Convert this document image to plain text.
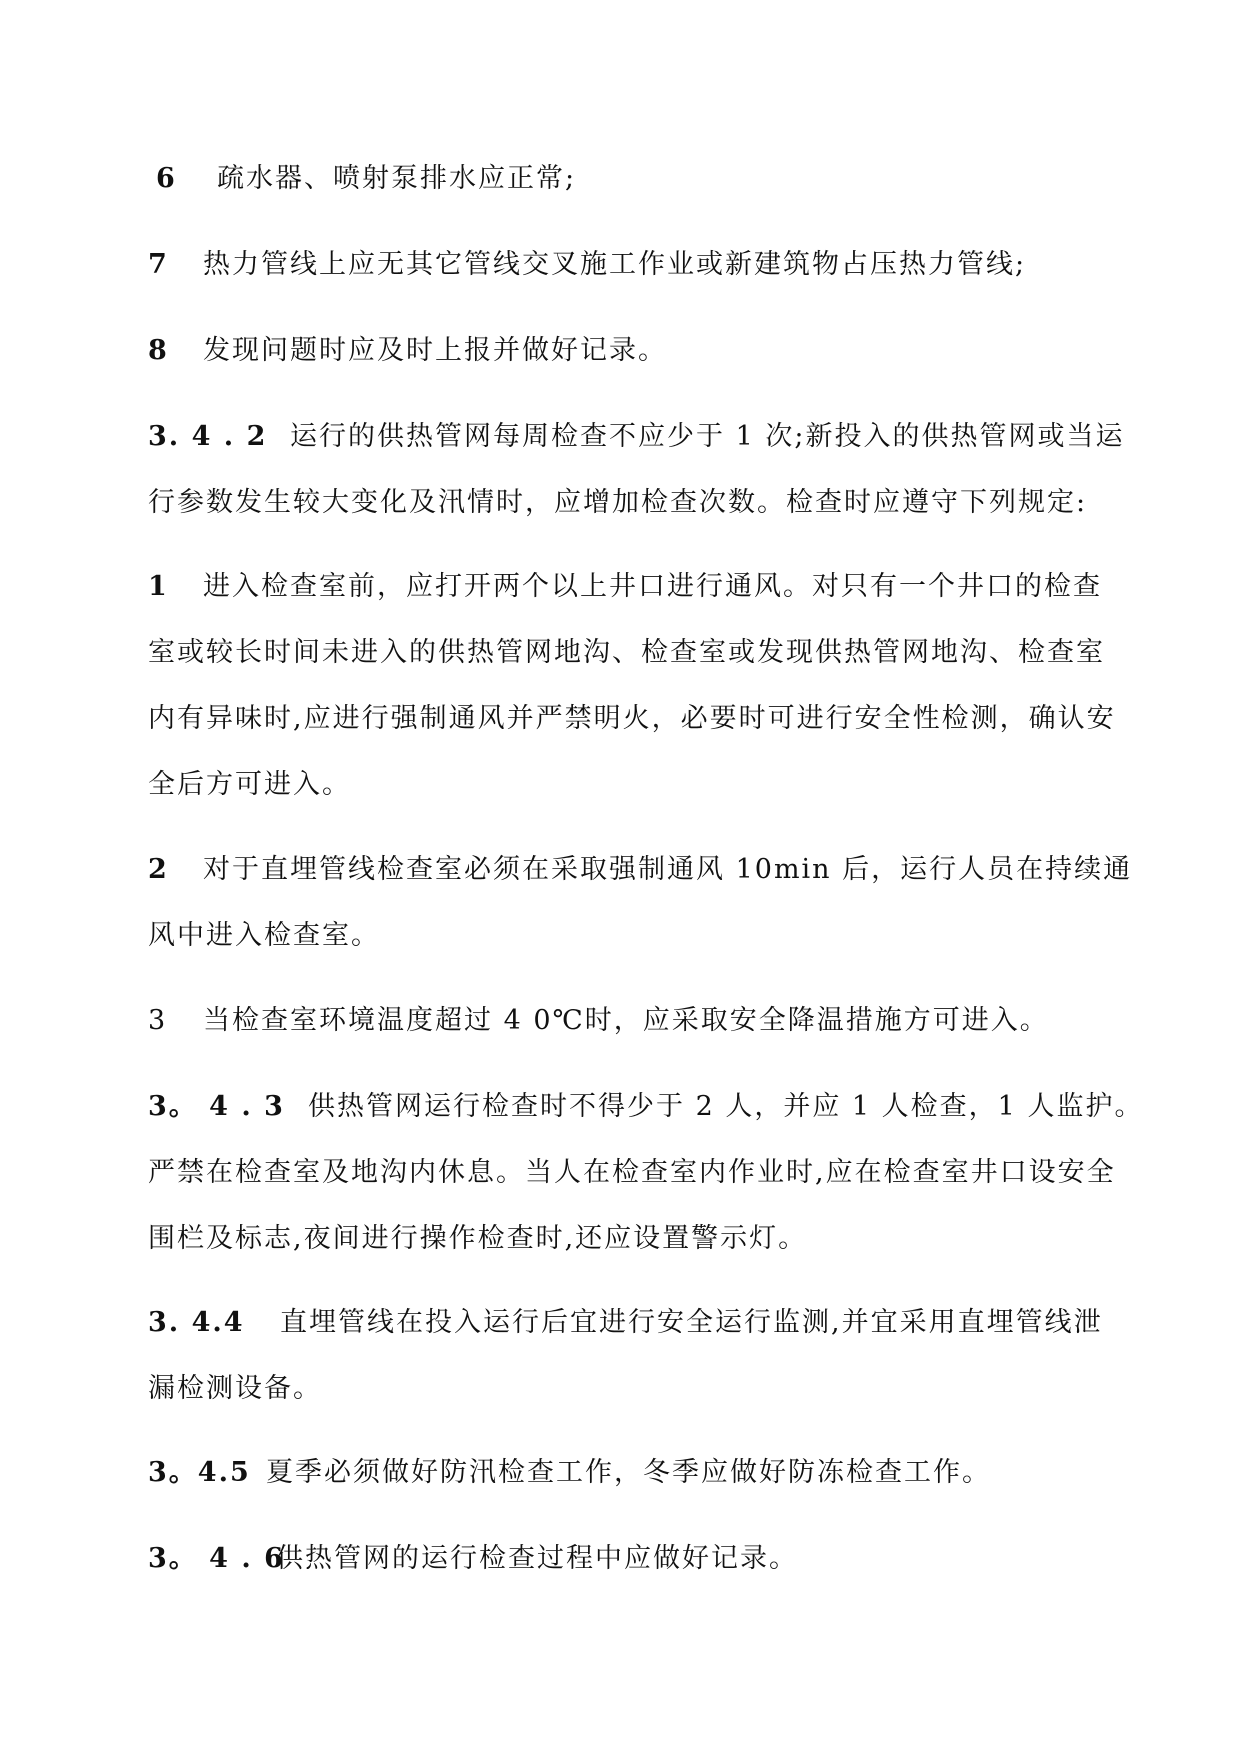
6 疏水器、喷射泵排水应正常;
7 热力管线上应无其它管线交叉施工作业或新建筑物占压热力管线;
8 发现问题时应及时上报并做好记录。
3. 4 . 2 运行的供热管网每周检查不应少于 1 次;新投入的供热管网或当运
行参数发生较大变化及汛情时，应增加检查次数。检查时应遵守下列规定:
1 进入检查室前，应打开两个以上井口进行通风。对只有一个井口的检查
室或较长时间未进入的供热管网地沟、检查室或发现供热管网地沟、检查室
内有异味时,应进行强制通风并严禁明火，必要时可进行安全性检测，确认安
全后方可进入。
2 对于直埋管线检查室必须在采取强制通风 10min 后，运行人员在持续通
风中进入检查室。
3 当检查室环境温度超过 4 0℃时，应采取安全降温措施方可进入。
3。 4 . 3 供热管网运行检查时不得少于 2 人，并应 1 人检查，1 人监护。
严禁在检查室及地沟内休息。当人在检查室内作业时,应在检查室井口设安全
围栏及标志,夜间进行操作检查时,还应设置警示灯。
3. 4.4 直埋管线在投入运行后宜进行安全运行监测,并宜采用直埋管线泄
漏检测设备。
3。4.5 夏季必须做好防汛检查工作，冬季应做好防冻检查工作。
3。 4 . 6供热管网的运行检查过程中应做好记录。
